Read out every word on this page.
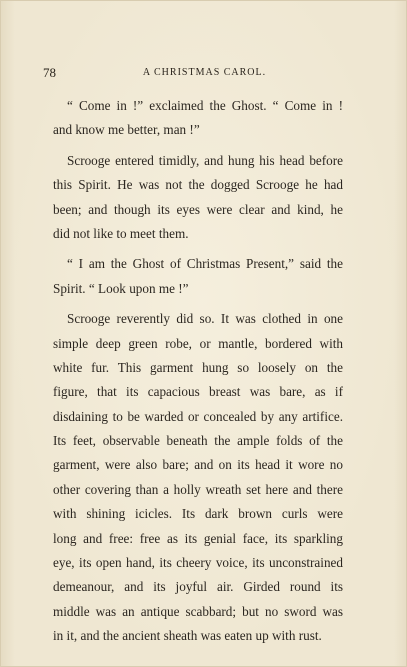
78	A CHRISTMAS CAROL.
“ Come in !” exclaimed the Ghost. “ Come in !
and know me better, man !”
Scrooge entered timidly, and hung his head before
this Spirit. He was not the dogged Scrooge he had
been; and though its eyes were clear and kind, he
did not like to meet them.
“ I am the Ghost of Christmas Present,” said the
Spirit. “ Look upon me !”
Scrooge reverently did so. It was clothed in one
simple deep green robe, or mantle, bordered with
white fur. This garment hung so loosely on the
figure, that its capacious breast was bare, as if
disdaining to be warded or concealed by any artifice.
Its feet, observable beneath the ample folds of the
garment, were also bare; and on its head it wore no
other covering than a holly wreath set here and there
with shining icicles. Its dark brown curls were
long and free: free as its genial face, its sparkling
eye, its open hand, its cheery voice, its unconstrained
demeanour, and its joyful air. Girded round its
middle was an antique scabbard; but no sword was
in it, and the ancient sheath was eaten up with rust.
